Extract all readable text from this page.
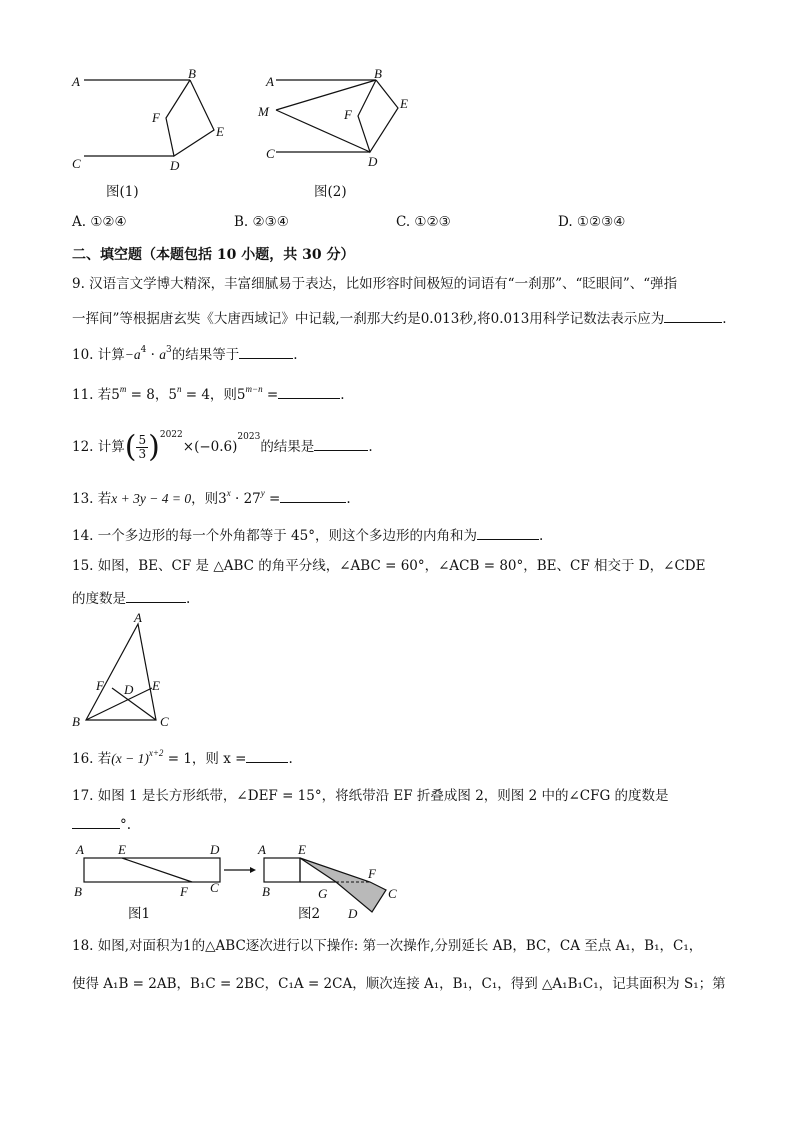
A
B
C	D
E
F
图(1)
A
B
C
D
E
F
M
图(2)
A. ①②④	B. ②③④	C. ①②③	D. ①②③④
二、填空题（本题包括 10 小题，共 30 分）
9. 汉语言文学博大精深，丰富细腻易于表达，比如形容时间极短的词语有“一刹那”、“眨眼间”、“弹指
一挥间”等根据唐玄奘《大唐西域记》中记载,一刹那大约是0.013秒,将0.013用科学记数法表示应为	.
10. 计算$-a^4 \cdot a^3$的结果等于	.
11. 若$5^m = 8$，$5^n = 4$，则$5^{m-n}$ =	.
12. 计算( $\frac{5}{3} )^{2022}\times(-0.6)^{2023}$的结果是	.
13. 若x + 3y − 4 = 0，则$3^x \cdot 27^y$ =	.
14. 一个多边形的每一个外角都等于 45°，则这个多边形的内角和为	.
15. 如图，BE、CF 是 △ABC 的角平分线，∠ABC = 60°，∠ACB = 80°，BE、CF 相交于 D，∠CDE
的度数是	.
A
B	C
D E
F
16. 若$(x - 1)^{x+2} = 1$，则 x =	.
17. 如图 1 是长方形纸带，∠DEF = 15°，将纸带沿 EF 折叠成图 2，则图 2 中的∠CFG 的度数是
°.
A	E	D
B	F C
A E
F
B	G	C
D
图1	图2
18. 如图,对面积为1的△ABC逐次进行以下操作: 第一次操作,分别延长 AB，BC，CA 至点 A₁，B₁，C₁，
使得 A₁B = 2AB，B₁C = 2BC，C₁A = 2CA，顺次连接 A₁，B₁，C₁，得到 △A₁B₁C₁，记其面积为 S₁；第
